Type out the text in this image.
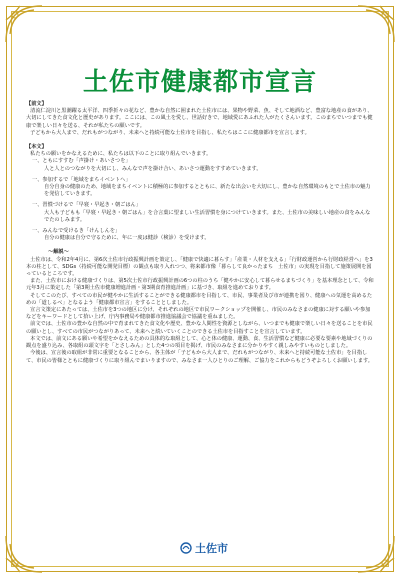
土佐市健康都市宣言
【前文】

清流仁淀川と黒潮躍る太平洋、四季折々の花など、豊かな自然に囲まれた土佐市には、果物や野菜、魚、そして地酒など、豊富な地産の食があり、大切にしてきた食文化と歴史があります。ここには、この風土を愛し、世話好きで、地域愛にあふれた人がたくさんいます。このまちでいつまでも健康で楽しい日々を送る、それが私たちの願いです。

子どもから大人まで、だれもがつながり、未来へと持続可能な土佐市を目指し、私たちはここに健康都市を宣言します。

【本文】

私たちの願いをかなえるために、私たちは以下のことに取り組んでいきます。

一、ともにすすむ「声掛け・あいさつを」
人と人とのつながりを大切にし、みんなで声を掛け合い、あいさつ運動をすすめていきます。
一、参加するで「地域をまちイベントへ」
自分自身の健康のため、地域をまちイベントに積極的に参加するとともに、新たな出会いを大切にし、豊かな自然環境のもとで土佐市の魅力を発信していきます。
一、習慣づけるで「早寝・早起き・朝ごはん」
大人も子どもも「早寝・早起き・朝ごはん」を合言葉に望ましい生活習慣を身につけていきます。また、土佐市の美味しい地産の食をみんなでたのしみます。
一、みんなで受けるき「けんしんを」
自分の健康は自分で守るために、年に一度は健診（検診）を受けます。
～解説～

土佐市は、令和2年4月に、第6次土佐市行政振興計画を策定し、「健康で快適に暮らす」「産業・人材を支える」「行財政運営から行財政経営へ」を3本の柱として、SDGs（持続可能な開発目標）の観点も取り入れつつ、将来都市像「暮らして良かったまち　土佐市」の実現を目指して施策展開を図っているところです。

また、土佐市における健康づくりは、第5次土佐市行政振興計画の6つの柱のうち「健やかに安心して暮らせるまちづくり」を基本理念として、令和元年3月に策定した「第3期土佐市健康増進計画・第3期食育推進計画」に基づき、取組を進めております。

そしてこのたび、すべての市民が健やかに生活することができる健康都市を目指して、市民、事業者及び市が連携を図り、健康への気運を高めるための「道しるべ」となるよう「健康都市宣言」をすることとしました。

宣言文策定にあたっては、土佐市を3つの地区に分け、それぞれの地区で市民ワークショップを開催し、市民のみなさまの健康に対する願いや参加などをキーワードとして拾い上げ、庁内事務局や健康都市推進協議会で協議を重ねました。

前文では、土佐市の豊かな自然の中で育まれてきた食文化や歴史、豊かな人間性を資源としながら、いつまでも健康で楽しい日々を送ることを市民の願いとし、すべての市民がつながりあって、未来へと続いていくことのできる土佐市を目指すことを宣言しています。

本文では、前文にある願いや希望をかなえるための具体的な取組として、心と体の健康、運動、食、生活習慣など健康に必要な要素や地域づくりの観点を盛り込み、各取組の頭文字を「とさしみん」とした4つの項目を掲げ、市民のみなさまに分かりやすく親しみやすいものとしました。

今後は、宣言後の取組が非常に重要となることから、各主体が「子どもから大人まで、だれもがつながり、未来へと持続可能な土佐市」を目指して、市民の皆様とともに健康づくりに取り組んでまいりますので、みなさま一人ひとりのご理解、ご協力をこれからもどうぞよろしくお願いします。

土佐市
